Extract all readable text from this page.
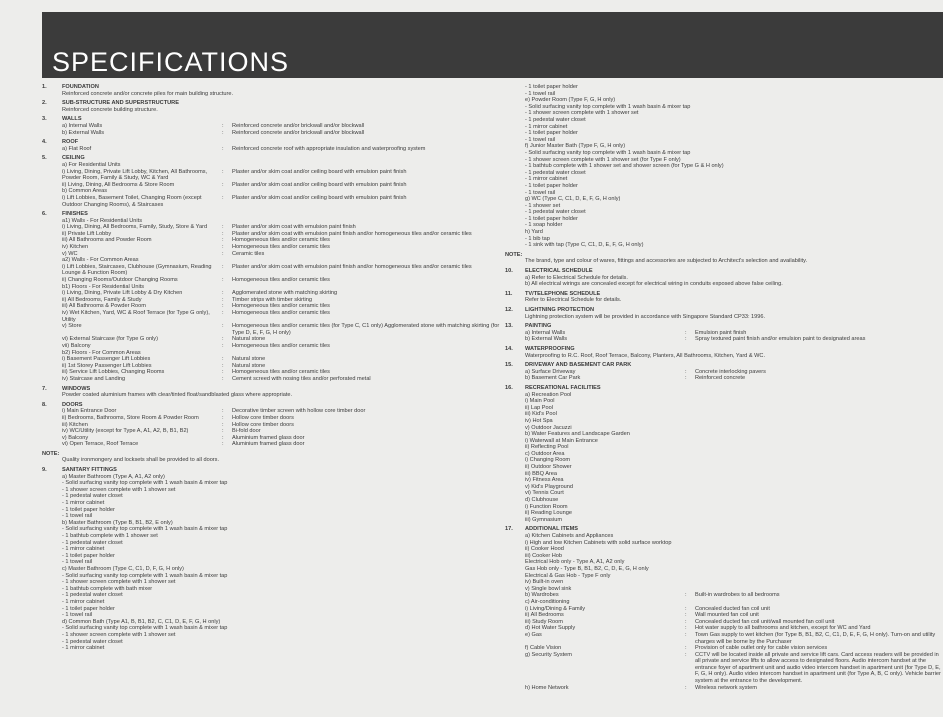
SPECIFICATIONS
1.	FOUNDATION
Reinforced concrete and/or concrete piles for main building structure.
2.	SUB-STRUCTURE AND SUPERSTRUCTURE
Reinforced concrete building structure.
3.	WALLS
a) Internal Walls	:	Reinforced concrete and/or brickwall and/or blockwall
b) External Walls	:	Reinforced concrete and/or brickwall and/or blockwall
4.	ROOF
a) Flat Roof	:	Reinforced concrete roof with appropriate insulation and waterproofing system
5.	CEILING
a) For Residential Units
i) Living, Dining, Private Lift Lobby, Kitchen, All Bathrooms, Powder Room, Family & Study, WC & Yard
:	Plaster and/or skim coat and/or ceiling board with emulsion paint finish
ii) Living, Dining, All Bedrooms & Store Room	:	Plaster and/or skim coat and/or ceiling board with emulsion paint finish
b) Common Areas
i) Lift Lobbies, Basement Toilet, Changing Room (except Outdoor Changing Rooms), & Staircases
:	Plaster and/or skim coat and/or ceiling board with emulsion paint finish
6.	FINISHES
a1) Walls - For Residential Units
i) Living, Dining, All Bedrooms, Family, Study, Store & Yard	:	Plaster and/or skim coat with emulsion paint finish
ii) Private Lift Lobby	:	Plaster and/or skim coat with emulsion paint finish and/or homogeneous tiles and/or ceramic tiles
iii) All Bathrooms and Powder Room	:	Homogeneous tiles and/or ceramic tiles
iv) Kitchen	:	Homogeneous tiles and/or ceramic tiles
v) WC	:	Ceramic tiles
a2) Walls - For Common Areas
i) Lift Lobbies, Staircases, Clubhouse (Gymnasium, Reading Lounge & Function Room)
:	Plaster and/or skim coat with emulsion paint finish and/or homogeneous tiles and/or ceramic tiles
ii) Changing Rooms/Outdoor Changing Rooms	:	Homogeneous tiles and/or ceramic tiles
b1) Floors - For Residential Units
i) Living, Dining, Private Lift Lobby & Dry Kitchen	:	Agglomerated stone with matching skirting
ii) All Bedrooms, Family & Study	:	Timber strips with timber skirting
iii) All Bathrooms & Powder Room	:	Homogeneous tiles and/or ceramic tiles
iv) Wet Kitchen, Yard, WC & Roof Terrace (for Type G only), Utility
:	Homogeneous tiles and/or ceramic tiles
v) Store	:	Homogeneous tiles and/or ceramic tiles (for Type C, C1 only) Agglomerated stone with matching skirting (for Type D, E, F, G, H only)
vi) External Staircase (for Type G only)	:	Natural stone
vii) Balcony	:	Homogeneous tiles and/or ceramic tiles
b2) Floors - For Common Areas
i) Basement Passenger Lift Lobbies	:	Natural stone
ii) 1st Storey Passenger Lift Lobbies	:	Natural stone
iii) Service Lift Lobbies, Changing Rooms	:	Homogeneous tiles and/or ceramic tiles
iv) Staircase and Landing	:	Cement screed with nosing tiles and/or perforated metal
7.	WINDOWS
Powder coated aluminium frames with clear/tinted float/sandblasted glass where appropriate.
8.	DOORS
i) Main Entrance Door	:	Decorative timber screen with hollow core timber door
ii) Bedrooms, Bathrooms, Store Room & Powder Room	:	Hollow core timber doors
iii) Kitchen	:	Hollow core timber doors
iv) WC/Utility (except for Type A, A1, A2, B, B1, B2)	:	Bi-fold door
v) Balcony	:	Aluminium framed glass door
vi) Open Terrace, Roof Terrace	:	Aluminium framed glass door
NOTE:
Quality ironmongery and locksets shall be provided to all doors.
9.	SANITARY FITTINGS
a) Master Bathroom (Type A, A1, A2 only)
- Solid surfacing vanity top complete with 1 wash basin & mixer tap
- 1 shower screen complete with 1 shower set
- 1 pedestal water closet
- 1 mirror cabinet
- 1 toilet paper holder
- 1 towel rail
b) Master Bathroom (Type B, B1, B2, E only)
- Solid surfacing vanity top complete with 1 wash basin & mixer tap
- 1 bathtub complete with 1 shower set
- 1 pedestal water closet
- 1 mirror cabinet
- 1 toilet paper holder
- 1 towel rail
c) Master Bathroom (Type C, C1, D, F, G, H only)
- Solid surfacing vanity top complete with 1 wash basin & mixer tap
- 1 shower screen complete with 1 shower set
- 1 bathtub complete with bath mixer
- 1 pedestal water closet
- 1 mirror cabinet
- 1 toilet paper holder
- 1 towel rail
d) Common Bath (Type A1, B, B1, B2, C, C1, D, E, F, G, H only)
- Solid surfacing vanity top complete with 1 wash basin & mixer tap
- 1 shower screen complete with 1 shower set
- 1 pedestal water closet
- 1 mirror cabinet
- 1 toilet paper holder
- 1 towel rail
e) Powder Room (Type F, G, H only)
- Solid surfacing vanity top complete with 1 wash basin & mixer tap
- 1 shower screen complete with 1 shower set
- 1 pedestal water closet
- 1 mirror cabinet
- 1 toilet paper holder
- 1 towel rail
f) Junior Master Bath (Type F, G, H only)
- Solid surfacing vanity top complete with 1 wash basin & mixer tap
- 1 shower screen complete with 1 shower set (for Type F only)
- 1 bathtub complete with 1 shower set and shower screen (for Type G & H only)
- 1 pedestal water closet
- 1 mirror cabinet
- 1 toilet paper holder
- 1 towel rail
g) WC (Type C, C1, D, E, F, G, H only)
- 1 shower set
- 1 pedestal water closet
- 1 toilet paper holder
- 1 soap holder
h) Yard
- 1 bib tap
- 1 sink with tap (Type C, C1, D, E, F, G, H only)
NOTE:
The brand, type and colour of wares, fittings and accessories are subjected to Architect's selection and availability.
10.	ELECTRICAL SCHEDULE
a) Refer to Electrical Schedule for details.
b) All electrical wirings are concealed except for electrical wiring in conduits exposed above false ceiling.
11.	TV/TELEPHONE SCHEDULE
Refer to Electrical Schedule for details.
12.	LIGHTNING PROTECTION
Lightning protection system will be provided in accordance with Singapore Standard CP33: 1996.
13.	PAINTING
a) Internal Walls	:	Emulsion paint finish
b) External Walls	:	Spray textured paint finish and/or emulsion paint to designated areas
14.	WATERPROOFING
Waterproofing to R.C. Roof, Roof Terrace, Balcony, Planters, All Bathrooms, Kitchen, Yard & WC.
15.	DRIVEWAY AND BASEMENT CAR PARK
a) Surface Driveway	:	Concrete interlocking pavers
b) Basement Car Park	:	Reinforced concrete
16.	RECREATIONAL FACILITIES
a) Recreation Pool
i) Main Pool
ii) Lap Pool
iii) Kid's Pool
iv) Hot Spa
v) Outdoor Jacuzzi
b) Water Features and Landscape Garden
i) Waterwall at Main Entrance
ii) Reflecting Pool
c) Outdoor Area
i) Changing Room
ii) Outdoor Shower
iii) BBQ Area
iv) Fitness Area
v) Kid's Playground
vi) Tennis Court
d) Clubhouse
i) Function Room
ii) Reading Lounge
iii) Gymnasium
17.	ADDITIONAL ITEMS
a) Kitchen Cabinets and Appliances
i) High and low Kitchen Cabinets with solid surface worktop
ii) Cooker Hood
iii) Cooker Hob
Electrical Hob only - Type A, A1, A2 only
Gas Hob only - Type B, B1, B2, C, D, E, G, H only
Electrical & Gas Hob - Type F only
iv) Built-in oven
v) Single bowl sink
b) Wardrobes	:	Built-in wardrobes to all bedrooms
c) Air-conditioning
i) Living/Dining & Family	:	Concealed ducted fan coil unit
ii) All Bedrooms	:	Wall mounted fan coil unit
iii) Study Room	:	Concealed ducted fan coil unit/wall mounted fan coil unit
d) Hot Water Supply	:	Hot water supply to all bathrooms and kitchen, except for WC and Yard
e) Gas	:	Town Gas supply to wet kitchen (for Type B, B1, B2, C, C1, D, E, F, G, H only). Turn-on and utility charges will be borne by the Purchaser
f) Cable Vision	:	Provision of cable outlet only for cable vision services
g) Security System	:	CCTV will be located inside all private and service lift cars. Card access readers will be provided in all private and service lifts to allow access to designated floors. Audio intercom handset at the entrance foyer of apartment unit and audio video intercom handset in apartment unit (for Type D, E, F, G, H only). Audio video intercom handset in apartment unit (for Type A, B, C only). Vehicle barrier system at the entrance to the development.
h) Home Network	:	Wireless network system
